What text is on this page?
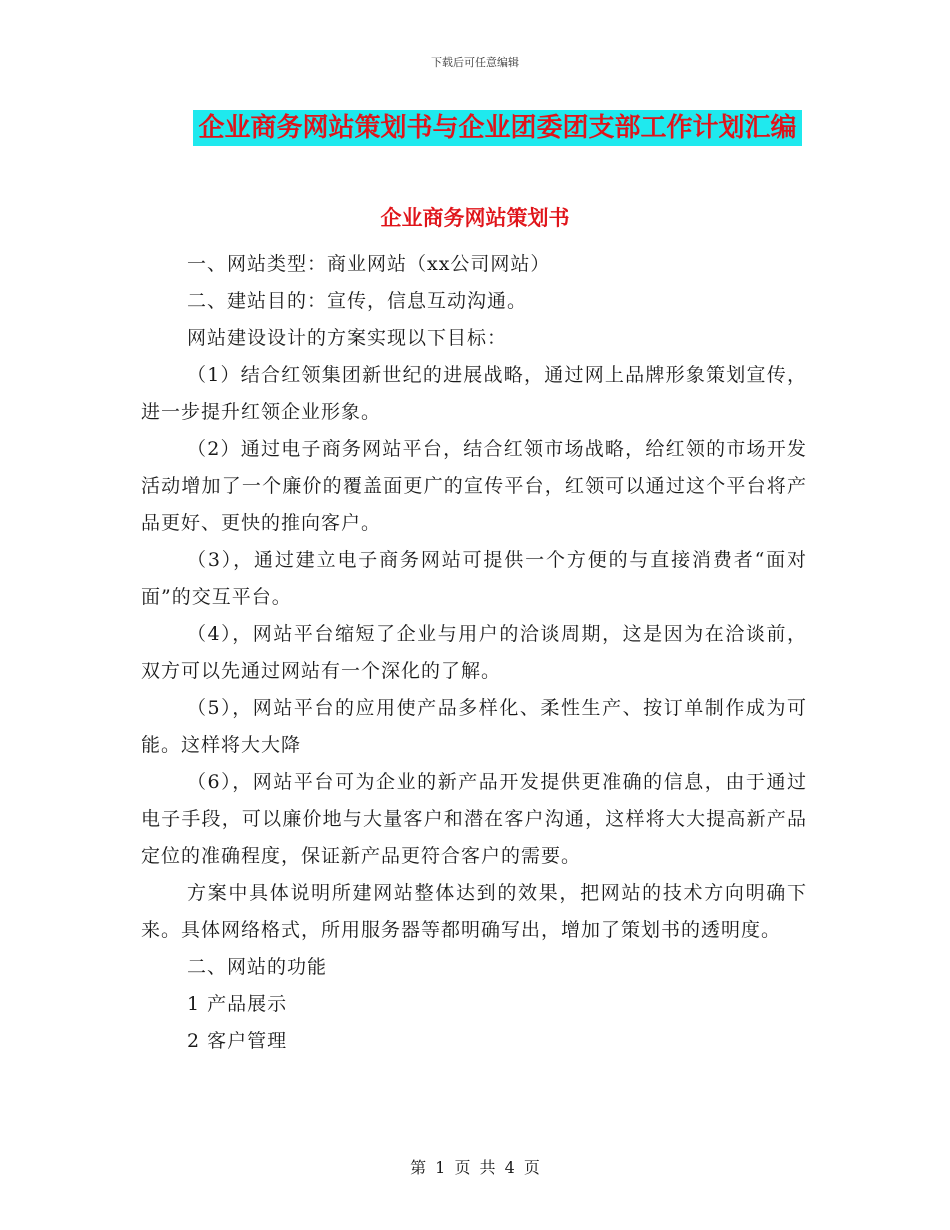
下载后可任意编辑
企业商务网站策划书与企业团委团支部工作计划汇编
企业商务网站策划书

一、网站类型：商业网站（xx公司网站）

二、建站目的：宣传，信息互动沟通。

网站建设设计的方案实现以下目标：

（1）结合红领集团新世纪的进展战略，通过网上品牌形象策划宣传，进一步提升红领企业形象。

（2）通过电子商务网站平台，结合红领市场战略，给红领的市场开发活动增加了一个廉价的覆盖面更广的宣传平台，红领可以通过这个平台将产品更好、更快的推向客户。

（3），通过建立电子商务网站可提供一个方便的与直接消费者“面对面”的交互平台。

（4），网站平台缩短了企业与用户的洽谈周期，这是因为在洽谈前，双方可以先通过网站有一个深化的了解。

（5），网站平台的应用使产品多样化、柔性生产、按订单制作成为可能。这样将大大降

（6），网站平台可为企业的新产品开发提供更准确的信息，由于通过电子手段，可以廉价地与大量客户和潜在客户沟通，这样将大大提高新产品定位的准确程度，保证新产品更符合客户的需要。

方案中具体说明所建网站整体达到的效果，把网站的技术方向明确下来。具体网络格式，所用服务器等都明确写出，增加了策划书的透明度。

二、网站的功能

1 产品展示

2 客户管理

第 1 页 共 4 页
